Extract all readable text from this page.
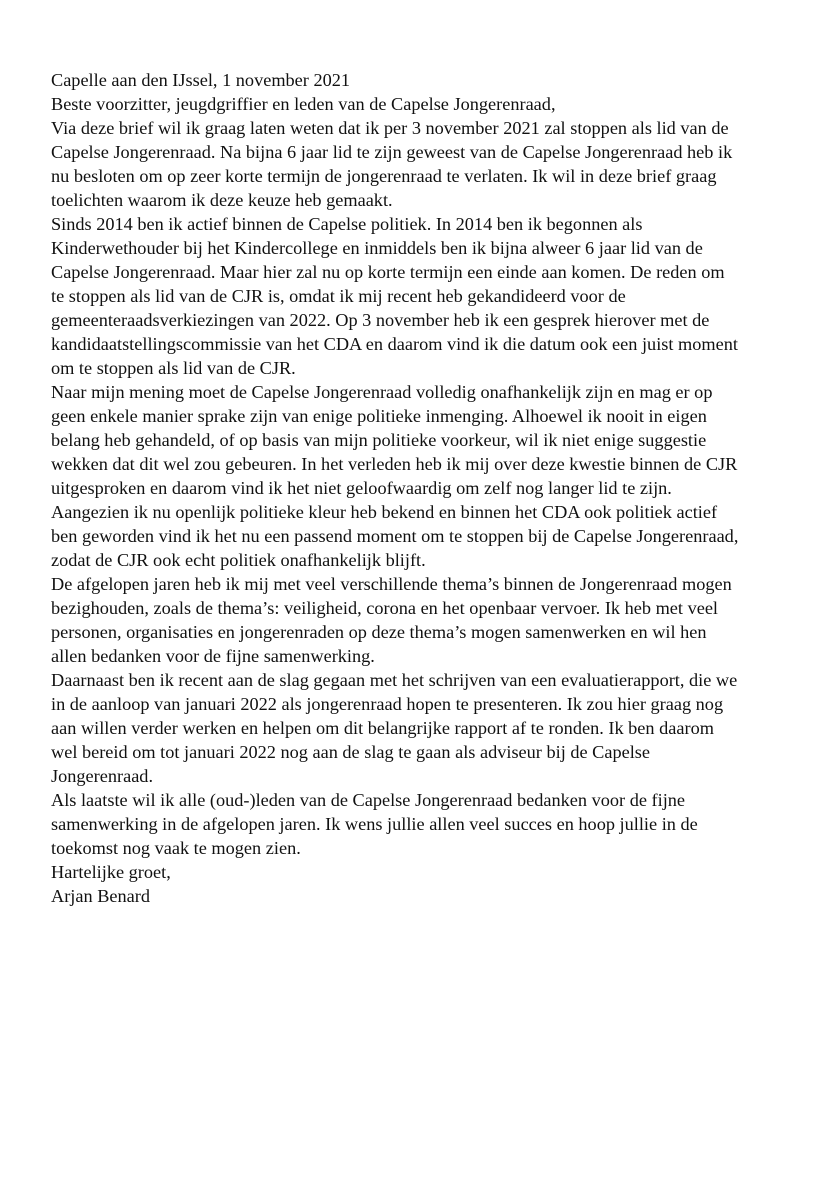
Capelle aan den IJssel, 1 november 2021

Beste voorzitter, jeugdgriffier en leden van de Capelse Jongerenraad,

Via deze brief wil ik graag laten weten dat ik per 3 november 2021 zal stoppen als lid van de
Capelse Jongerenraad. Na bijna 6 jaar lid te zijn geweest van de Capelse Jongerenraad heb ik
nu besloten om op zeer korte termijn de jongerenraad te verlaten. Ik wil in deze brief graag
toelichten waarom ik deze keuze heb gemaakt.

Sinds 2014 ben ik actief binnen de Capelse politiek. In 2014 ben ik begonnen als
Kinderwethouder bij het Kindercollege en inmiddels ben ik bijna alweer 6 jaar lid van de
Capelse Jongerenraad. Maar hier zal nu op korte termijn een einde aan komen. De reden om
te stoppen als lid van de CJR is, omdat ik mij recent heb gekandideerd voor de
gemeenteraadsverkiezingen van 2022. Op 3 november heb ik een gesprek hierover met de
kandidaatstellingscommissie van het CDA en daarom vind ik die datum ook een juist moment
om te stoppen als lid van de CJR.

Naar mijn mening moet de Capelse Jongerenraad volledig onafhankelijk zijn en mag er op
geen enkele manier sprake zijn van enige politieke inmenging. Alhoewel ik nooit in eigen
belang heb gehandeld, of op basis van mijn politieke voorkeur, wil ik niet enige suggestie
wekken dat dit wel zou gebeuren. In het verleden heb ik mij over deze kwestie binnen de CJR
uitgesproken en daarom vind ik het niet geloofwaardig om zelf nog langer lid te zijn.
Aangezien ik nu openlijk politieke kleur heb bekend en binnen het CDA ook politiek actief
ben geworden vind ik het nu een passend moment om te stoppen bij de Capelse Jongerenraad,
zodat de CJR ook echt politiek onafhankelijk blijft.

De afgelopen jaren heb ik mij met veel verschillende thema’s binnen de Jongerenraad mogen
bezighouden, zoals de thema’s: veiligheid, corona en het openbaar vervoer. Ik heb met veel
personen, organisaties en jongerenraden op deze thema’s mogen samenwerken en wil hen
allen bedanken voor de fijne samenwerking.

Daarnaast ben ik recent aan de slag gegaan met het schrijven van een evaluatierapport, die we
in de aanloop van januari 2022 als jongerenraad hopen te presenteren. Ik zou hier graag nog
aan willen verder werken en helpen om dit belangrijke rapport af te ronden. Ik ben daarom
wel bereid om tot januari 2022 nog aan de slag te gaan als adviseur bij de Capelse
Jongerenraad.

Als laatste wil ik alle (oud-)leden van de Capelse Jongerenraad bedanken voor de fijne
samenwerking in de afgelopen jaren. Ik wens jullie allen veel succes en hoop jullie in de
toekomst nog vaak te mogen zien.

Hartelijke groet,

Arjan Benard
